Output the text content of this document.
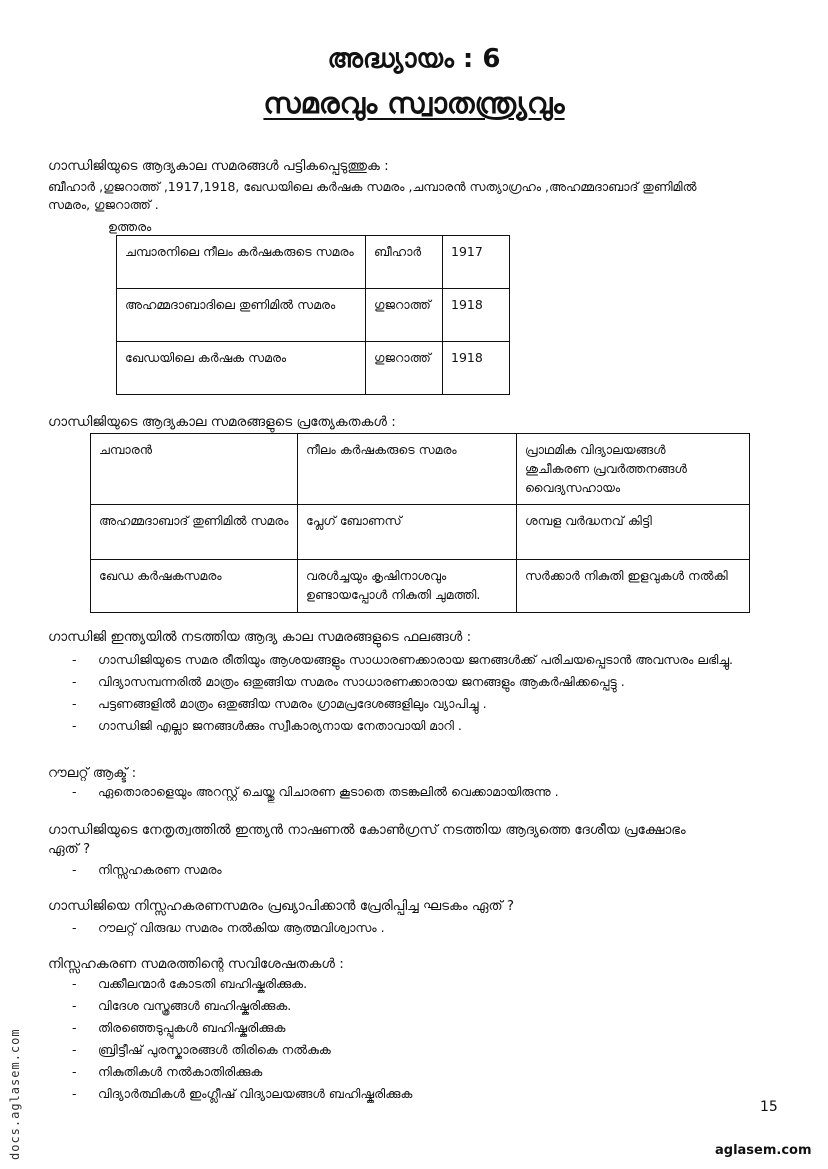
അദ്ധ്യായം : 6
സമരവും സ്വാതന്ത്ര്യവും
ഗാന്ധിജിയുടെ ആദ്യകാല സമരങ്ങൾ പട്ടികപ്പെടുത്തുക :
ബീഹാർ ,ഗുജറാത്ത് ,1917,1918, ഖേഡയിലെ കർഷക സമരം ,ചമ്പാരൻ സത്യാഗ്രഹം ,അഹമ്മദാബാദ് തുണിമിൽ
സമരം, ഗുജറാത്ത് .
ഉത്തരം
ചമ്പാരനിലെ നീലം കർഷകരുടെ സമരം	ബീഹാർ	1917
അഹമ്മദാബാദിലെ തുണിമിൽ സമരം	ഗുജറാത്ത്	1918
ഖേഡയിലെ കർഷക സമരം	ഗുജറാത്ത്	1918
ഗാന്ധിജിയുടെ ആദ്യകാല സമരങ്ങളുടെ പ്രത്യേകതകൾ :
ചമ്പാരൻ	നീലം കർഷകരുടെ സമരം	പ്രാഥമിക വിദ്യാലയങ്ങൾ
ശുചീകരണ പ്രവർത്തനങ്ങൾ
വൈദ്യസഹായം

അഹമ്മദാബാദ് തുണിമിൽ സമരം	പ്ലേഗ് ബോണസ്	ശമ്പള വർദ്ധനവ് കിട്ടി

ഖേഡ കർഷകസമരം	വരൾച്ചയും കൃഷിനാശവും ഉണ്ടായപ്പോൾ നികുതി ചുമത്തി.	സർക്കാർ നികുതി ഇളവുകൾ നൽകി
ഗാന്ധിജി ഇന്ത്യയിൽ നടത്തിയ ആദ്യ കാല സമരങ്ങളുടെ ഫലങ്ങൾ :
- ഗാന്ധിജിയുടെ സമര രീതിയും ആശയങ്ങളും സാധാരണക്കാരായ ജനങ്ങൾക്ക് പരിചയപ്പെടാൻ അവസരം ലഭിച്ചു.
- വിദ്യാസമ്പന്നരിൽ മാത്രം ഒതുങ്ങിയ സമരം സാധാരണക്കാരായ ജനങ്ങളും ആകർഷിക്കപ്പെട്ടു .
- പട്ടണങ്ങളിൽ മാത്രം ഒതുങ്ങിയ സമരം ഗ്രാമപ്രദേശങ്ങളിലും വ്യാപിച്ചു .
- ഗാന്ധിജി എല്ലാ ജനങ്ങൾക്കും സ്വീകാര്യനായ നേതാവായി മാറി .
റൗലറ്റ് ആക്ട് :
- ഏതൊരാളെയും അറസ്റ്റ് ചെയ്തു വിചാരണ കൂടാതെ തടങ്കലിൽ വെക്കാമായിരുന്നു .
ഗാന്ധിജിയുടെ നേതൃത്വത്തിൽ ഇന്ത്യൻ നാഷണൽ കോൺഗ്രസ് നടത്തിയ ആദ്യത്തെ ദേശീയ പ്രക്ഷോഭം
ഏത് ?
- നിസ്സഹകരണ സമരം
ഗാന്ധിജിയെ നിസ്സഹകരണസമരം പ്രഖ്യാപിക്കാൻ പ്രേരിപ്പിച്ച ഘടകം ഏത് ?
- റൗലറ്റ് വിരുദ്ധ സമരം നൽകിയ ആത്മവിശ്വാസം .
നിസ്സഹകരണ സമരത്തിന്റെ സവിശേഷതകൾ :
- വക്കീലന്മാർ കോടതി ബഹിഷ്കരിക്കുക.
- വിദേശ വസ്ത്രങ്ങൾ ബഹിഷ്കരിക്കുക.
- തിരഞ്ഞെടുപ്പുകൾ ബഹിഷ്കരിക്കുക
- ബ്രിട്ടീഷ് പുരസ്കാരങ്ങൾ തിരികെ നൽകുക
- നികുതികൾ നൽകാതിരിക്കുക
- വിദ്യാർത്ഥികൾ ഇംഗ്ലീഷ് വിദ്യാലയങ്ങൾ ബഹിഷ്കരിക്കുക
15
aglasem.com
docs.aglasem.com
